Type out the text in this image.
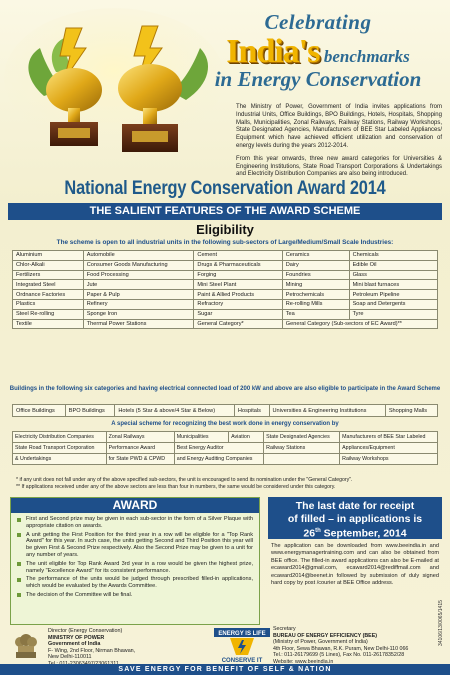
Celebrating
India's benchmarks
in Energy Conservation

The Ministry of Power, Government of India invites applications from Industrial Units, Office Buildings, BPO Buildings, Hotels, Hospitals, Shopping Malls, Municipalities, Zonal Railways, Railway Stations, Railway Workshops, State Designated Agencies, Manufacturers of BEE Star Labeled Appliances/ Equipment which have achieved efficient utilization and conservation of energy levels during the years 2012-2014.

From this year onwards, three new award categories for Universities & Engineering Institutions, State Road Transport Corporations & Undertakings and Electricity Distribution Companies are also being introduced.

National Energy Conservation Award 2014
THE SALIENT FEATURES OF THE AWARD SCHEME
Eligibility
The scheme is open to all industrial units in the following sub-sectors of Large/Medium/Small Scale Industries:
Aluminium	Automobile	Cement	Ceramics	Chemicals
Chlor-Alkali	Consumer Goods Manufacturing	Drugs & Pharmaceuticals	Dairy	Edible Oil
Fertilizers	Food Processing	Forging	Foundries	Glass
Integrated Steel	Jute	Mini Steel Plant	Mining	Mini blast furnaces
Ordnance Factories	Paper & Pulp	Paint & Allied Products	Petrochemicals	Petroleum Pipeline
Plastics	Refinery	Refractory	Re-rolling Mills	Soap and Detergents
Steel Re-rolling	Sponge Iron	Sugar	Tea	Tyre
Textile	Thermal Power Stations	General Category*	General Category (Sub-sectors of EC Award)**	
Buildings in the following six categories and having electrical connected load of 200 kW and above are also eligible to participate in the Award Scheme
Office Buildings	BPO Buildings	Hotels (5 Star & above/4 Star & Below)	Hospitals	Universities & Engineering Institutions	Shopping Malls
A special scheme for recognizing the best work done in energy conservation by
Electricity Distribution Companies	Zonal Railways	Municipalities	Aviation	State Designated Agencies	Manufacturers of BEE Star Labeled
State Road Transport Corporation	Performance Award	Best Energy Auditor		Railway Stations	Appliances/Equipment
& Undertakings	for State PWD & CPWD	and Energy Auditing Companies			Railway Workshops
* if any unit does not fall under any of the above specified sub-sectors, the unit is encouraged to send its nomination under the "General Category".
** If applications received under any of the above sectors are less than four in numbers, the same would be considered under this category.
AWARD
First and Second prize may be given in each sub-sector in the form of a Silver Plaque with appropriate citation on awards.
A unit getting the First Position for the third year in a row will be eligible for a "Top Rank Award" for this year. In such case, the units getting Second and Third Position this year will be given First & Second Prize respectively. Also the Second Prize may be given to a unit for any number of years.
The unit eligible for Top Rank Award 3rd year in a row would be given the highest prize, namely "Excellence Award" for its consistent performance.
The performance of the units would be judged through prescribed filled-in applications, which would be evaluated by the Awards Committee.
The decision of the Committee will be final.
The last date for receipt
of filled – in applications is
26th September, 2014
The application can be downloaded from www.beeindia.in and www.energymanagertraining.com and can also be obtained from BEE office. The filled-in award applications can also be E-mailed at ecaward2014@gmail.com, ecaward2014@rediffmail.com and ecaward2014@beenet.in followed by submission of duly signed hard copy by post /courier at BEE Office address.
Director (Energy Conservation)
MINISTRY OF POWER
Government of India
F- Wing, 2nd Floor, Nirman Bhawan,
New Delhi-110011
ENERGY IS LIFE
CONSERVE IT
Secretary
BUREAU OF ENERGY EFFICIENCY (BEE)
(Ministry of Power, Government of India)
4th Floor, Sewa Bhawan, R.K. Puram, New Delhi-110 066
Tel.: 011-26179699 (5 Lines), Fax No. 011-26178352/28
Website: www.beeindia.in
34106/13/0065/1415
SAVE ENERGY FOR BENEFIT OF SELF & NATION
